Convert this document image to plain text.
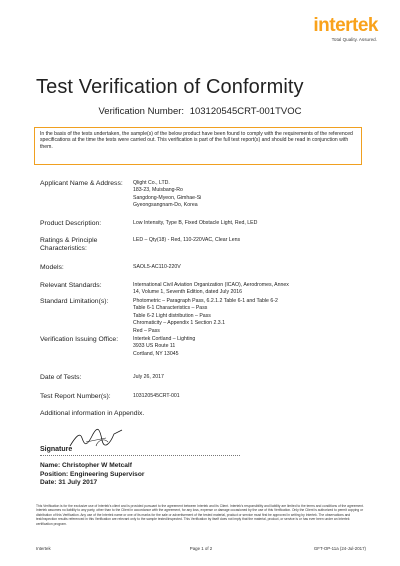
intertek
Total Quality. Assured.
Test Verification of Conformity
Verification Number: 103120545CRT-001TVOC
In the basis of the tests undertaken, the sample(s) of the below product have been found to comply with the requirements of the referenced specifications at the time the tests were carried out. This verification is part of the full test report(s) and should be read in conjunction with them.
Applicant Name & Address:	Qlight Co., LTD.
183-23, Muisbang-Ro
Sangdong-Myeon, Gimhae-Si
Gyeongsangnam-Do, Korea
Product Description:	Low Intensity, Type B, Fixed Obstacle Light, Red, LED
Ratings & Principle Characteristics:
LED – Qty(18) - Red, 110-220VAC, Clear Lens
Models:	SAOL5-AC110-220V
Relevant Standards:	International Civil Aviation Organization (ICAO), Aerodromes, Annex
14, Volume 1, Seventh Edition, dated July 2016
Standard Limitation(s):	Photometric – Paragraph Pass, 6.2.1.2 Table 6-1 and Table 6-2
Table 6-1 Characteristics – Pass
Table 6-2 Light distribution – Pass
Chromaticity – Appendix 1 Section 2.3.1
Red – Pass
Verification Issuing Office:	Intertek Cortland – Lighting
3933 US Route 11
Cortland, NY 13045
Date of Tests:	July 26, 2017
Test Report Number(s):	103120545CRT-001
Additional information in Appendix.
Signature
Name: Christopher W Metcalf
Position: Engineering Supervisor
Date: 31 July 2017
This Verification is for the exclusive use of Intertek's client and is provided pursuant to the agreement between Intertek and its Client. Intertek's responsibility and liability are limited to the terms and conditions of the agreement. Intertek assumes no liability to any party, other than to the Client in accordance with the agreement, for any loss, expense or damage occasioned by the use of this Verification. Only the Client is authorized to permit copying or distribution of this Verification. Any use of the Intertek name or one of its marks for the sale or advertisement of the tested material, product or service must first be approved in writing by Intertek. The observations and test/inspection results referenced in this Verification are relevant only to the sample tested/inspected. This Verification by itself does not imply that the material, product, or service is or has ever been under an Intertek certification program.
Intertek	Page 1 of 2	GFT-OP-11a (24-Jul-2017)
